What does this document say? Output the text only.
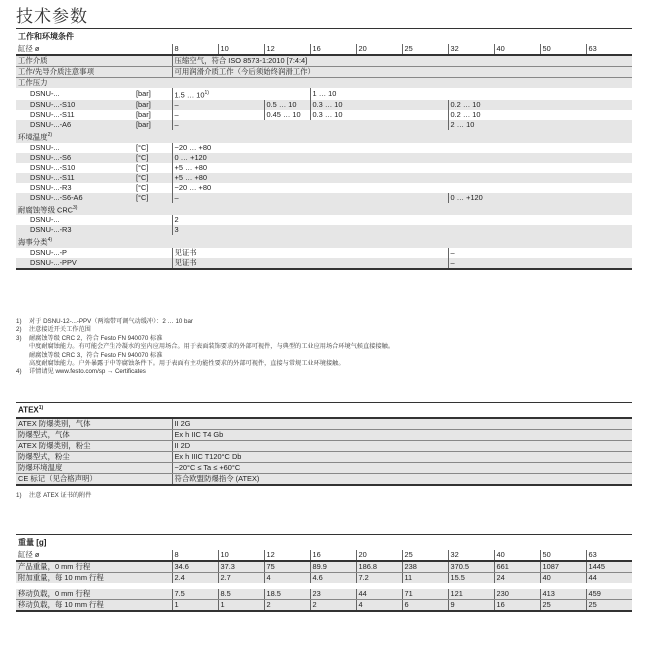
技术参数
工作和环境条件
缸径 ø		8	10	12	16	20	25	32	40	50	63
工作介质		压缩空气，符合 ISO 8573-1:2010 [7:4:4]									
工作/先导介质注意事项		可用润滑介质工作（今后须始终润滑工作）									
工作压力											
DSNU-...	[bar]	1.5 … 10$^{1)}$			1 … 10						
DSNU-...-S10	[bar]	–		0.5 … 10	0.3 … 10			0.2 … 10			
DSNU-...-S11	[bar]	–		0.45 … 10	0.3 … 10			0.2 … 10			
DSNU-...-A6	[bar]	–						2 … 10			
环境温度$^{2)}$
DSNU-...	[°C]	−20 … +80									
DSNU-...-S6	[°C]	0 … +120									
DSNU-...-S10	[°C]	+5 … +80									
DSNU-...-S11	[°C]	+5 … +80									
DSNU-...-R3	[°C]	−20 … +80									
DSNU-...-S6-A6	[°C]	–						0 … +120			
耐腐蚀等级 CRC$^{3)}$
DSNU-...		2									
DSNU-...-R3		3									
海事分类$^{4)}$
DSNU-...-P		见证书						–			
DSNU-...-PPV		见证书						–			
1) 对于 DSNU-12-...-PPV（两端带可调气动缓冲）：2 … 10 bar
2) 注意接近开关工作范围
3) 耐腐蚀等级 CRC 2，符合 Festo FN 940070 标准
中度耐腐蚀能力。有可能会产生冷凝水的室内应用场合。用于表面装饰要求的外部可视件，与典型的工业应用场合环境气候直接接触。
耐腐蚀等级 CRC 3，符合 Festo FN 940070 标准
高度耐腐蚀能力。户外暴露于中等腐蚀条件下。用于表面有主功能性要求的外部可视件，直接与常规工业环境接触。
4) 详情请见 www.festo.com/sp → Certificates
ATEX$^{1)}$
ATEX 防爆类别，气体	II 2G
防爆型式，气体	Ex h IIC T4 Gb
ATEX 防爆类别，粉尘	II 2D
防爆型式，粉尘	Ex h IIIC T120°C Db
防爆环境温度	−20°C ≤ Ta ≤ +60°C
CE 标记（见合格声明）	符合欧盟防爆指令 (ATEX)
1) 注意 ATEX 证书的附件
重量 [g]
缸径 ø	8	10	12	16	20	25	32	40	50	63
产品重量，0 mm 行程	34.6	37.3	75	89.9	186.8	238	370.5	661	1087	1445
附加重量，每 10 mm 行程	2.4	2.7	4	4.6	7.2	11	15.5	24	40	44

移动负载，0 mm 行程	7.5	8.5	18.5	23	44	71	121	230	413	459
移动负载，每 10 mm 行程	1	1	2	2	4	6	9	16	25	25
